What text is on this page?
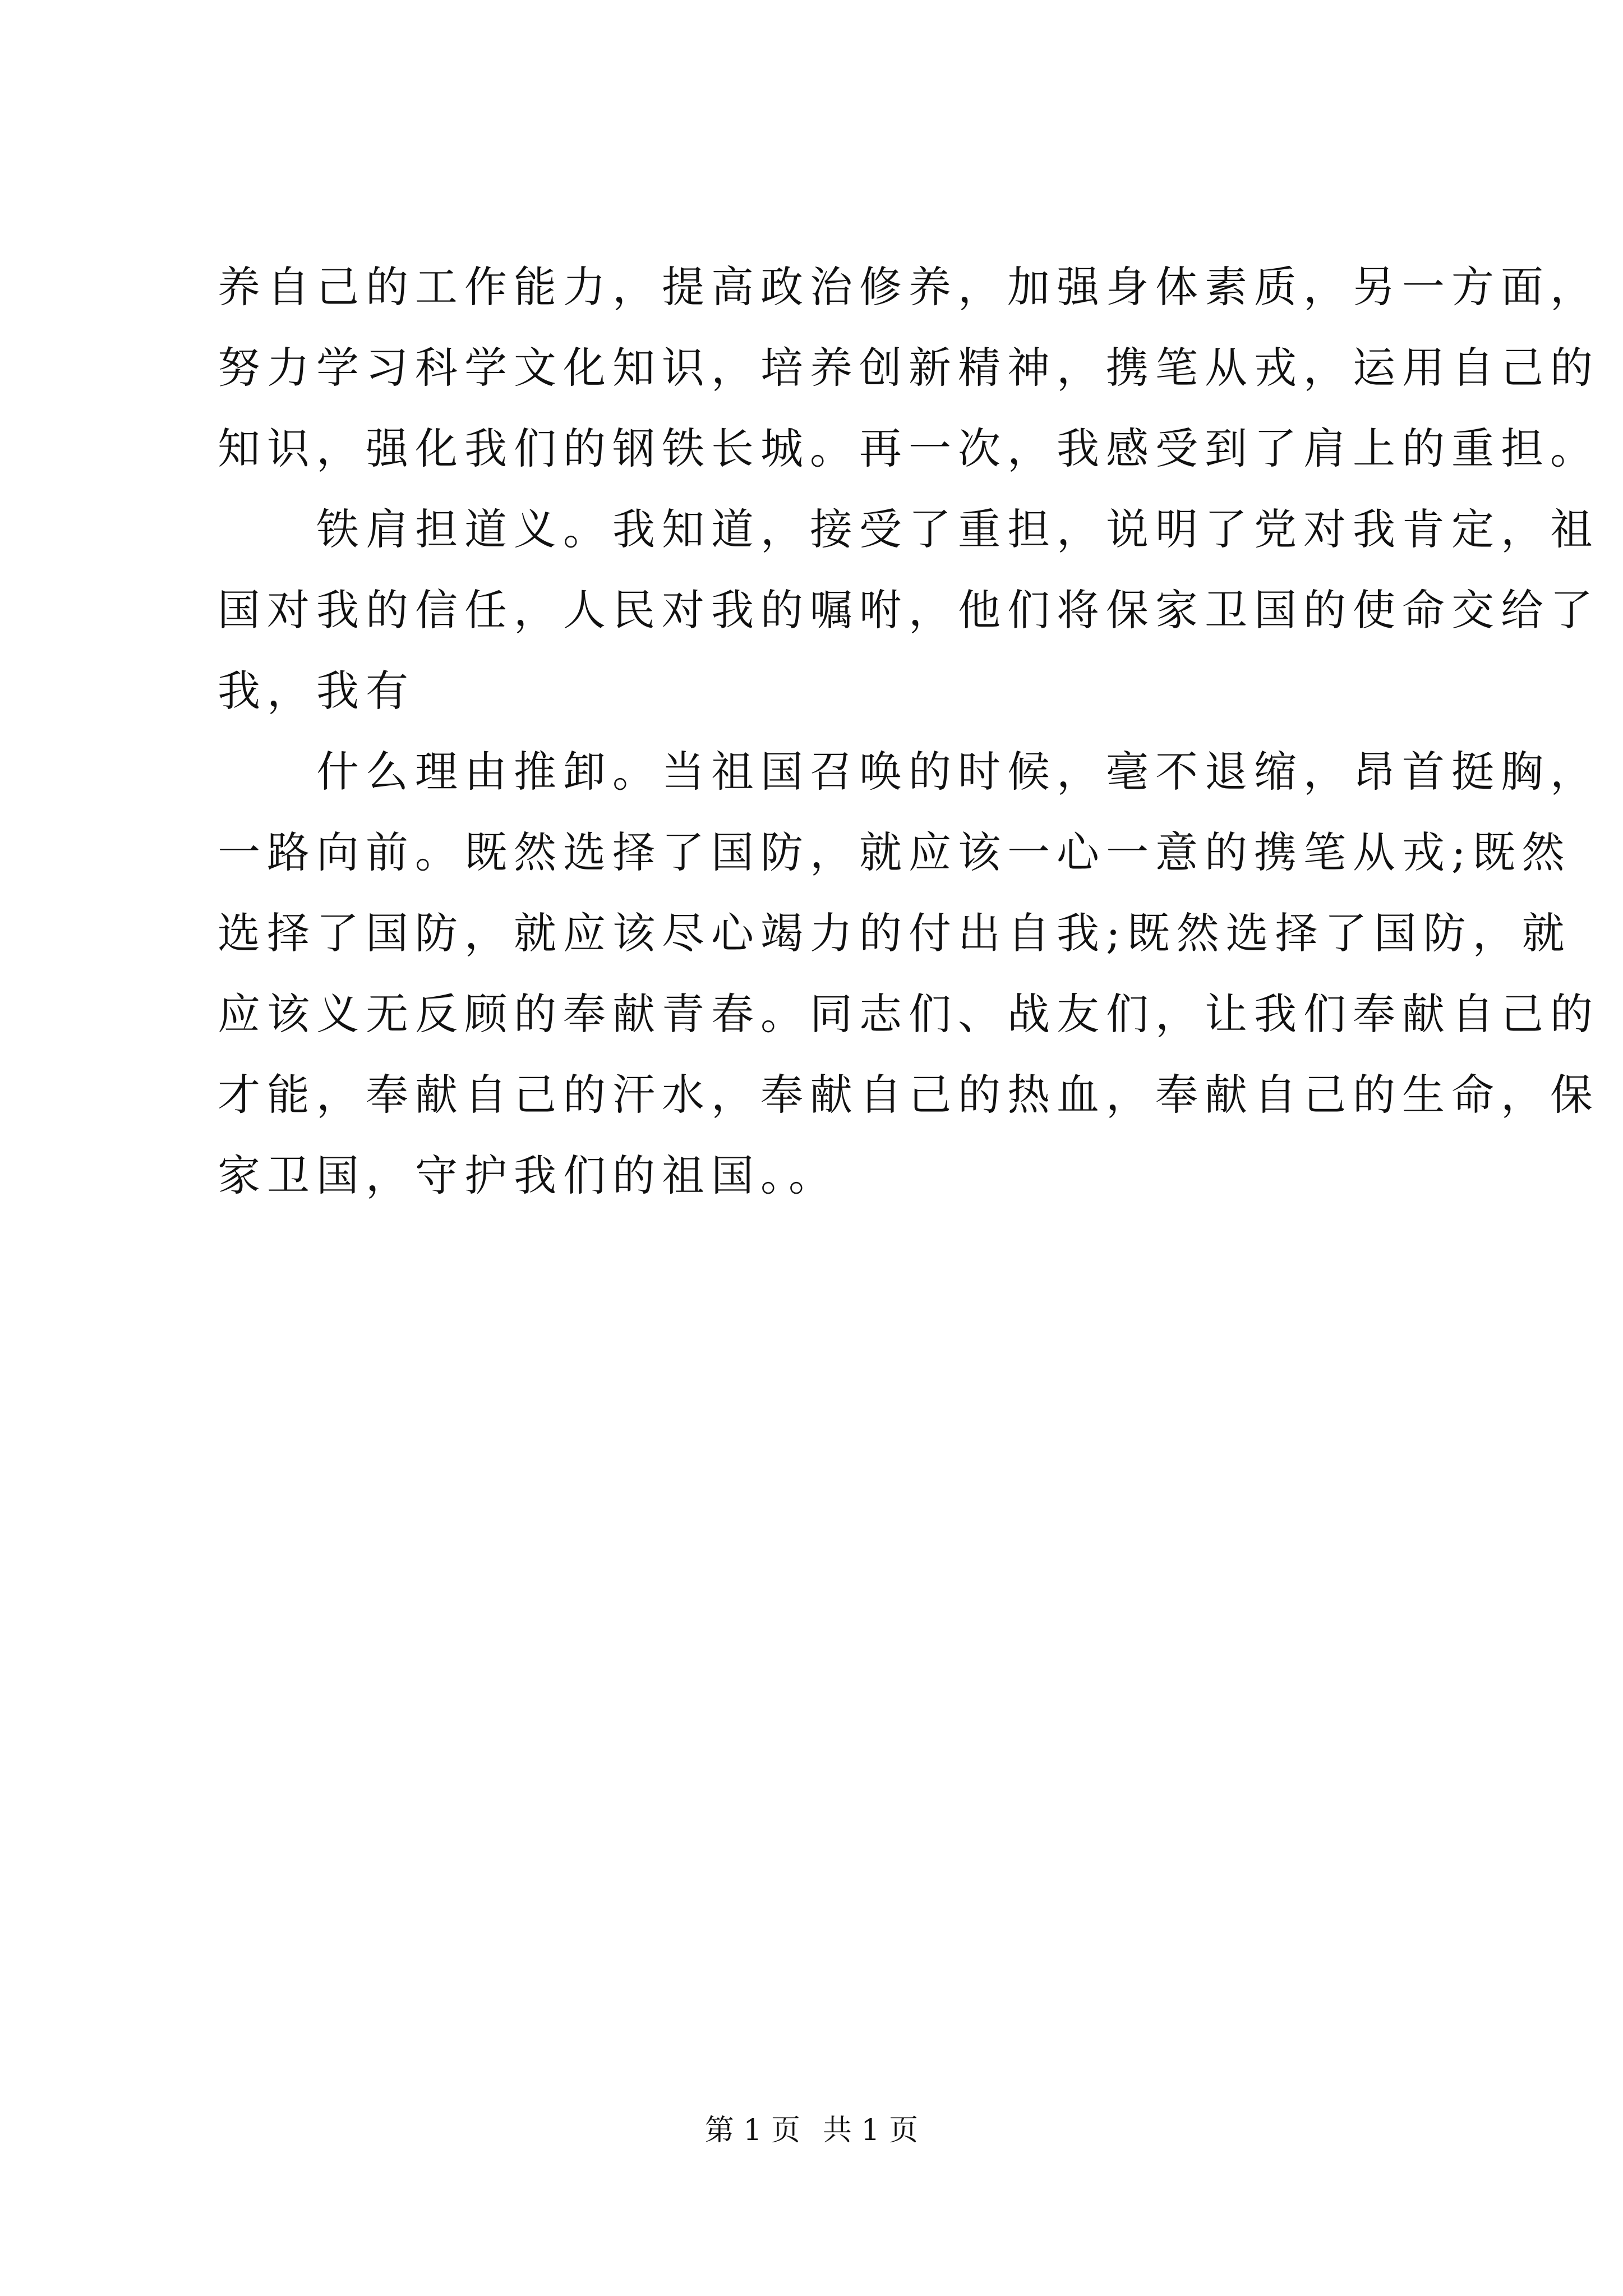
养自己的工作能力，提高政治修养，加强身体素质，另一方面，
努力学习科学文化知识，培养创新精神，携笔从戎，运用自己的
知识，强化我们的钢铁长城。再一次，我感受到了肩上的重担。
铁肩担道义。我知道，接受了重担，说明了党对我肯定，祖
国对我的信任，人民对我的嘱咐，他们将保家卫国的使命交给了
我，我有
什么理由推卸。当祖国召唤的时候，毫不退缩，昂首挺胸，
一路向前。既然选择了国防，就应该一心一意的携笔从戎;既然
选择了国防，就应该尽心竭力的付出自我;既然选择了国防，就
应该义无反顾的奉献青春。同志们、战友们，让我们奉献自己的
才能，奉献自己的汗水，奉献自己的热血，奉献自己的生命，保
家卫国，守护我们的祖国。。
第 1 页 共 1 页
